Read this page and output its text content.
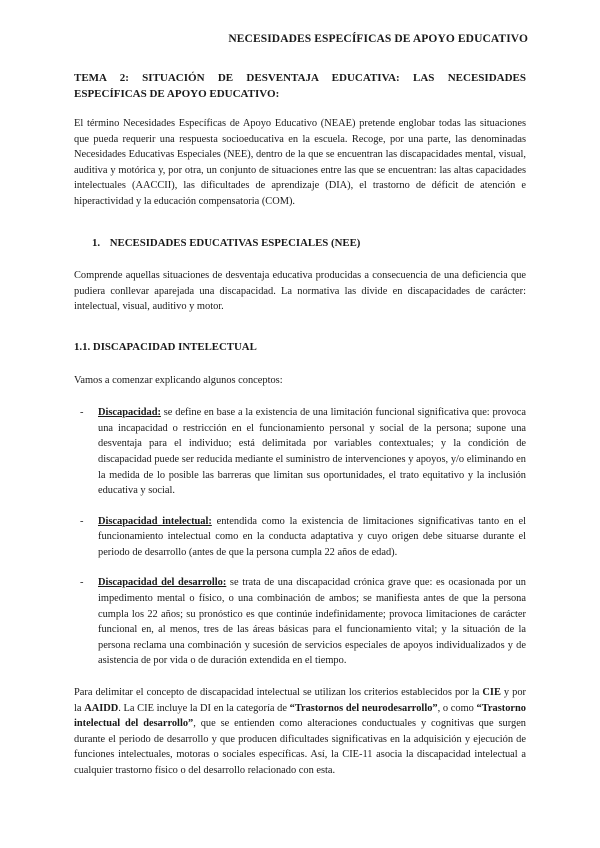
NECESIDADES ESPECÍFICAS DE APOYO EDUCATIVO
TEMA 2: SITUACIÓN DE DESVENTAJA EDUCATIVA: LAS NECESIDADES ESPECÍFICAS DE APOYO EDUCATIVO:

El término Necesidades Específicas de Apoyo Educativo (NEAE) pretende englobar todas las situaciones que pueda requerir una respuesta socioeducativa en la escuela. Recoge, por una parte, las denominadas Necesidades Educativas Especiales (NEE), dentro de la que se encuentran las discapacidades mental, visual, auditiva y motórica y, por otra, un conjunto de situaciones entre las que se encuentran: las altas capacidades intelectuales (AACCII), las dificultades de aprendizaje (DIA), el trastorno de déficit de atención e hiperactividad y la educación compensatoria (COM).

1. NECESIDADES EDUCATIVAS ESPECIALES (NEE)

Comprende aquellas situaciones de desventaja educativa producidas a consecuencia de una deficiencia que pudiera conllevar aparejada una discapacidad. La normativa las divide en discapacidades de carácter: intelectual, visual, auditivo y motor.

1.1. DISCAPACIDAD INTELECTUAL

Vamos a comenzar explicando algunos conceptos:

- Discapacidad: se define en base a la existencia de una limitación funcional significativa que: provoca una incapacidad o restricción en el funcionamiento personal y social de la persona; supone una desventaja para el individuo; está delimitada por variables contextuales; y la condición de discapacidad puede ser reducida mediante el suministro de intervenciones y apoyos, y/o eliminando en la medida de lo posible las barreras que limitan sus oportunidades, el trato equitativo y la inclusión educativa y social.
- Discapacidad intelectual: entendida como la existencia de limitaciones significativas tanto en el funcionamiento intelectual como en la conducta adaptativa y cuyo origen debe situarse durante el periodo de desarrollo (antes de que la persona cumpla 22 años de edad).
- Discapacidad del desarrollo: se trata de una discapacidad crónica grave que: es ocasionada por un impedimento mental o físico, o una combinación de ambos; se manifiesta antes de que la persona cumpla los 22 años; su pronóstico es que continúe indefinidamente; provoca limitaciones de carácter funcional en, al menos, tres de las áreas básicas para el funcionamiento vital; y la situación de la persona reclama una combinación y sucesión de servicios especiales de apoyos individualizados y de asistencia de por vida o de duración extendida en el tiempo.

Para delimitar el concepto de discapacidad intelectual se utilizan los criterios establecidos por la CIE y por la AAIDD. La CIE incluye la DI en la categoría de “Trastornos del neurodesarrollo”, o como “Trastorno intelectual del desarrollo”, que se entienden como alteraciones conductuales y cognitivas que surgen durante el periodo de desarrollo y que producen dificultades significativas en la adquisición y ejecución de funciones intelectuales, motoras o sociales específicas. Así, la CIE-11 asocia la discapacidad intelectual a cualquier trastorno físico o del desarrollo relacionado con esta.
